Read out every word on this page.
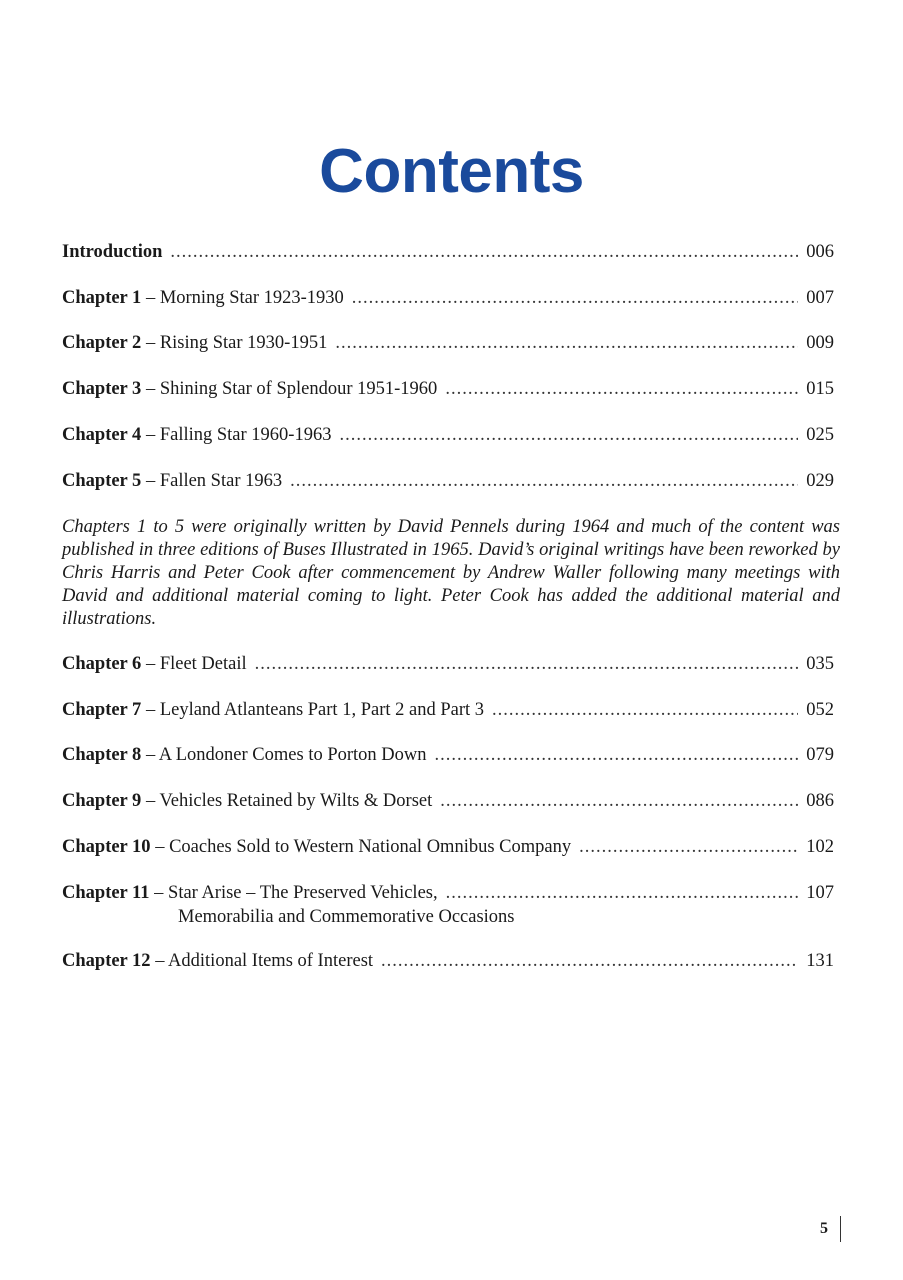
Contents
Introduction .....	006
Chapter 1 – Morning Star 1923-1930 .....	007
Chapter 2 – Rising Star 1930-1951 .....	009
Chapter 3 – Shining Star of Splendour 1951-1960 .....	015
Chapter 4 – Falling Star 1960-1963 .....	025
Chapter 5 – Fallen Star 1963 .....	029

Chapters 1 to 5 were originally written by David Pennels during 1964 and much of the content was published in three editions of Buses Illustrated in 1965. David’s original writings have been reworked by Chris Harris and Peter Cook after commencement by Andrew Waller following many meetings with David and additional material coming to light. Peter Cook has added the additional material and illustrations.

Chapter 6 – Fleet Detail .....	035
Chapter 7 – Leyland Atlanteans Part 1, Part 2 and Part 3 .....	052
Chapter 8 – A Londoner Comes to Porton Down .....	079
Chapter 9 – Vehicles Retained by Wilts & Dorset .....	086
Chapter 10 – Coaches Sold to Western National Omnibus Company .....	102
Chapter 11 – Star Arise – The Preserved Vehicles, .....	107
Memorabilia and Commemorative Occasions
Chapter 12 – Additional Items of Interest .....	131
5
